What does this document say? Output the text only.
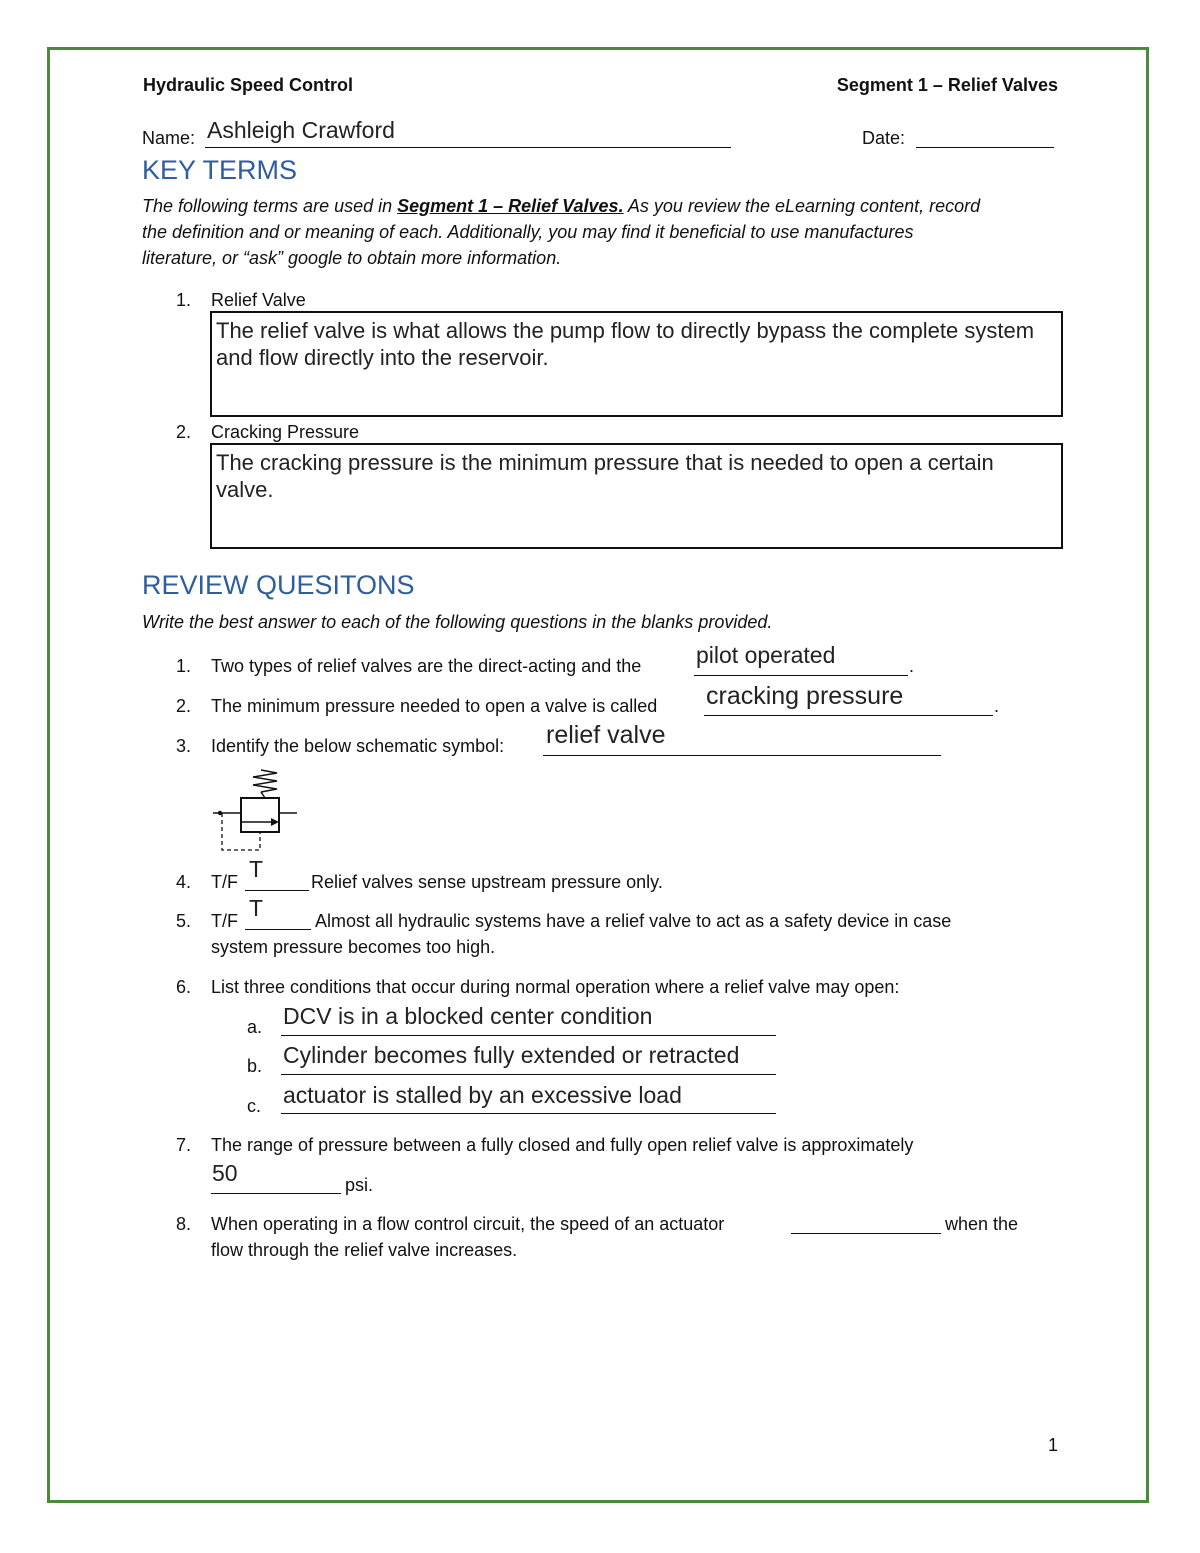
Hydraulic Speed Control	Segment 1 – Relief Valves
Name: Ashleigh Crawford	Date:
KEY TERMS
The following terms are used in Segment 1 – Relief Valves. As you review the eLearning content, record
the definition and or meaning of each. Additionally, you may find it beneficial to use manufactures
literature, or “ask” google to obtain more information.
1. Relief Valve
The relief valve is what allows the pump flow to directly bypass the complete system and flow directly into the reservoir.
2. Cracking Pressure
The cracking pressure is the minimum pressure that is needed to open a certain valve.
REVIEW QUESITONS
Write the best answer to each of the following questions in the blanks provided.
1. Two types of relief valves are the direct-acting and the pilot operated	.
2. The minimum pressure needed to open a valve is called cracking pressure	.
3. Identify the below schematic symbol: relief valve
4. T/F T	Relief valves sense upstream pressure only.
5. T/F T	Almost all hydraulic systems have a relief valve to act as a safety device in case
system pressure becomes too high.
6. List three conditions that occur during normal operation where a relief valve may open:
a. DCV is in a blocked center condition
b. Cylinder becomes fully extended or retracted
c. actuator is stalled by an excessive load
7. The range of pressure between a fully closed and fully open relief valve is approximately
50	psi.
8. When operating in a flow control circuit, the speed of an actuator	when the
flow through the relief valve increases.
1
